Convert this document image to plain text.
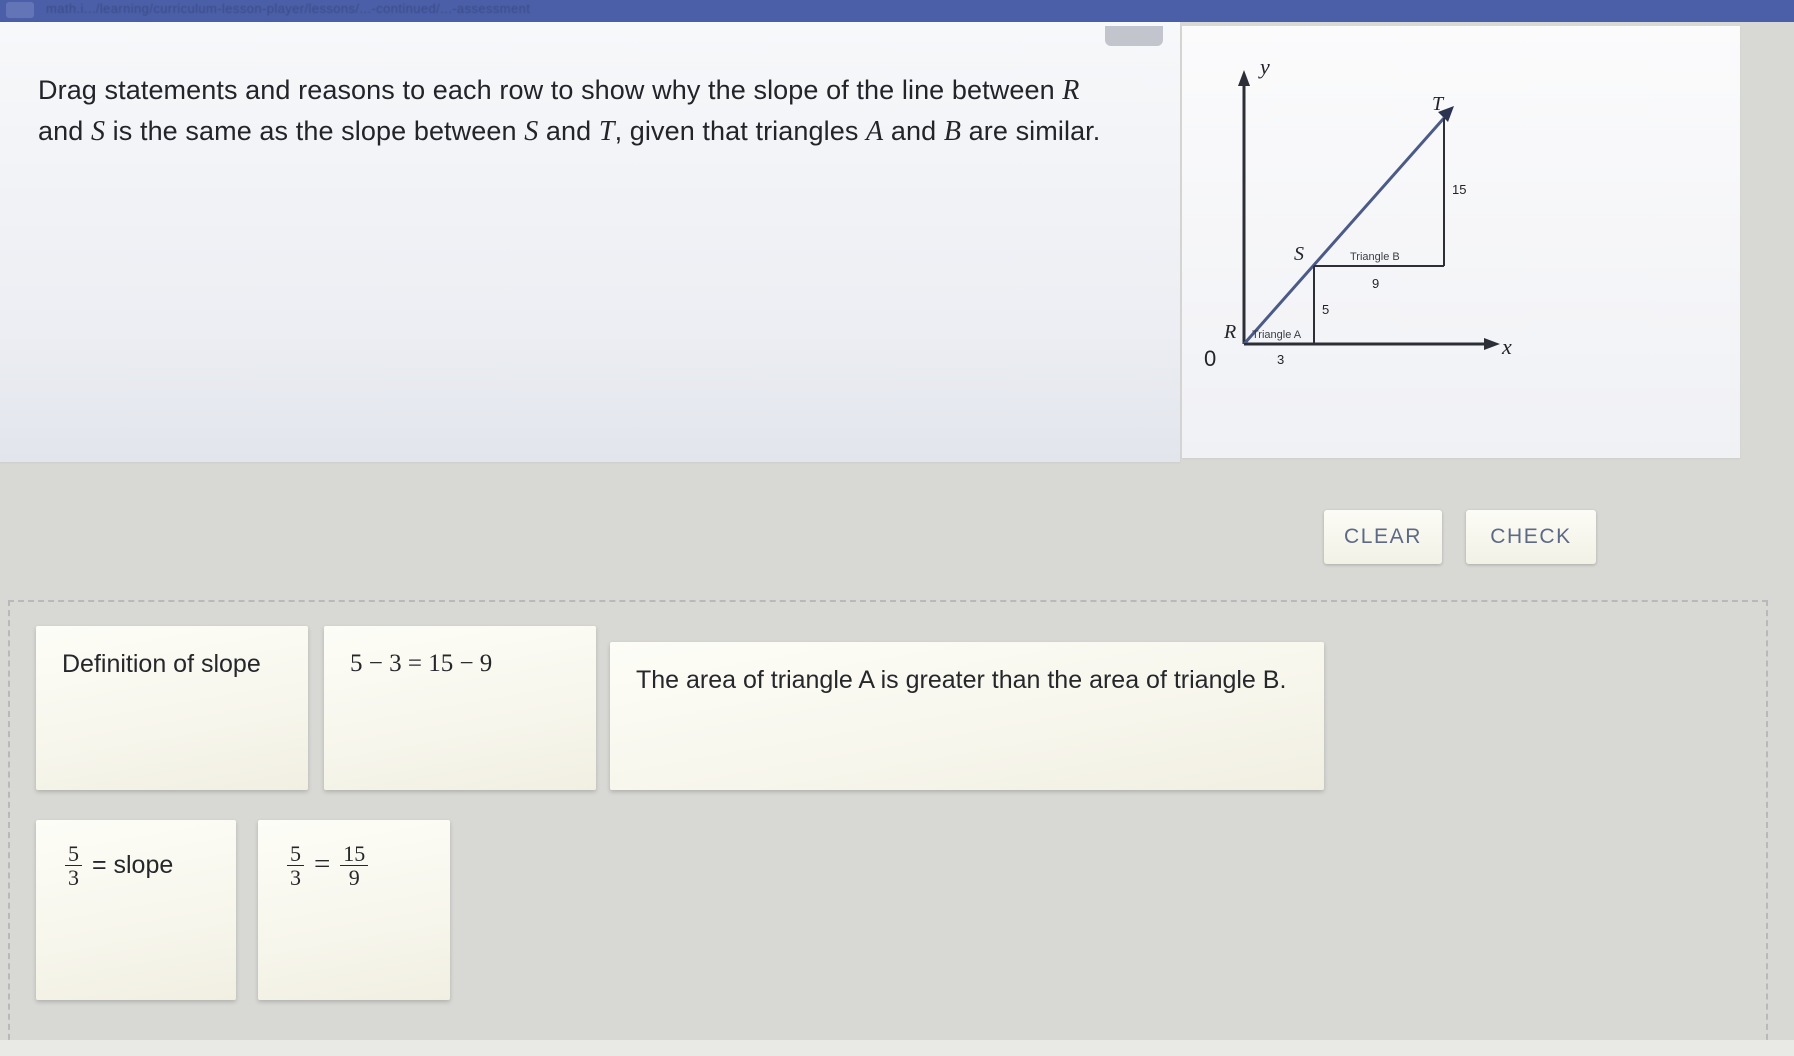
math.i.../learning/curriculum-lesson-player/lessons/...-continued/...-assessment
Drag statements and reasons to each row to show why the slope of the line between R and S is the same as the slope between S and T, given that triangles A and B are similar.
y
x
0
R
S
T
Triangle A
Triangle B
3
5
9
15
CLEAR	CHECK
Definition of slope	5 − 3 = 15 − 9
The area of triangle A is greater than the area of triangle B.
$\frac{5}{3}$ = slope	$\frac{5}{3} = \frac{15}{9}$
